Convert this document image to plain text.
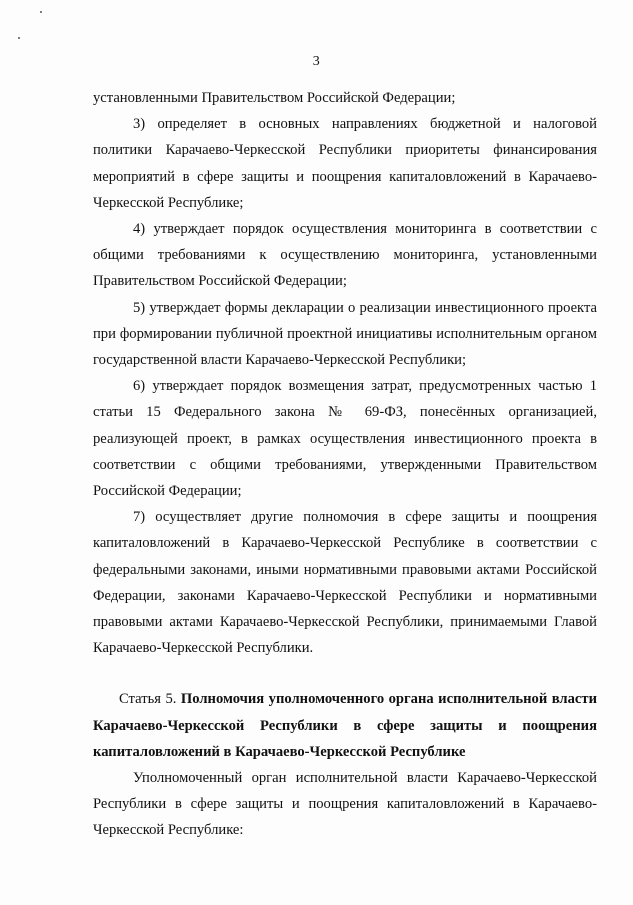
3

установленными Правительством Российской Федерации;

3) определяет в основных направлениях бюджетной и налоговой политики Карачаево-Черкесской Республики приоритеты финансирования мероприятий в сфере защиты и поощрения капиталовложений в Карачаево-Черкесской Республике;

4) утверждает порядок осуществления мониторинга в соответствии с общими требованиями к осуществлению мониторинга, установленными Правительством Российской Федерации;

5) утверждает формы декларации о реализации инвестиционного проекта при формировании публичной проектной инициативы исполнительным органом государственной власти Карачаево-Черкесской Республики;

6) утверждает порядок возмещения затрат, предусмотренных частью 1 статьи 15 Федерального закона № 69-ФЗ, понесённых организацией, реализующей проект, в рамках осуществления инвестиционного проекта в соответствии с общими требованиями, утвержденными Правительством Российской Федерации;

7) осуществляет другие полномочия в сфере защиты и поощрения капиталовложений в Карачаево-Черкесской Республике в соответствии с федеральными законами, иными нормативными правовыми актами Российской Федерации, законами Карачаево-Черкесской Республики и нормативными правовыми актами Карачаево-Черкесской Республики, принимаемыми Главой Карачаево-Черкесской Республики.

Статья 5. Полномочия уполномоченного органа исполнительной власти Карачаево-Черкесской Республики в сфере защиты и поощрения капиталовложений в Карачаево-Черкесской Республике

Уполномоченный орган исполнительной власти Карачаево-Черкесской Республики в сфере защиты и поощрения капиталовложений в Карачаево-Черкесской Республике:
